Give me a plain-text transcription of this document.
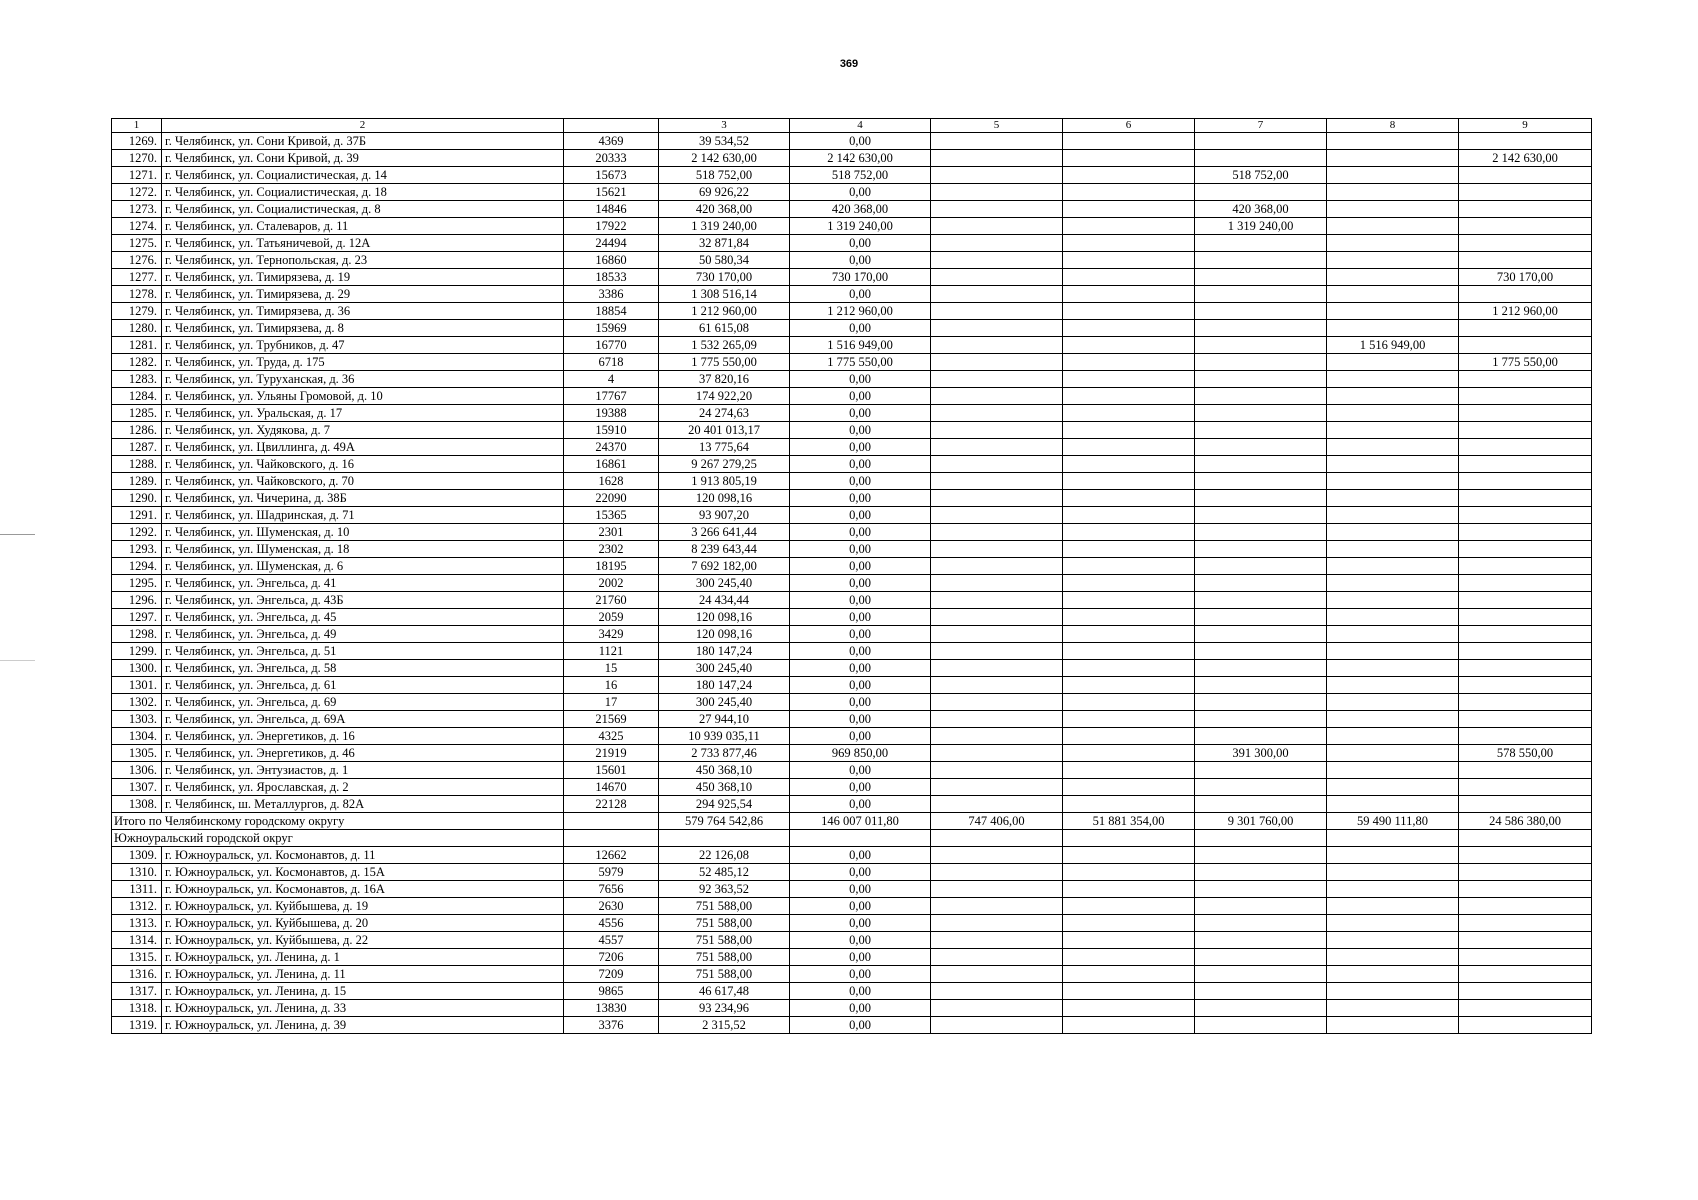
369
1	2		3	4	5	6	7	8	9
1269.	г. Челябинск, ул. Сони Кривой, д. 37Б	4369	39 534,52	0,00					
1270.	г. Челябинск, ул. Сони Кривой, д. 39	20333	2 142 630,00	2 142 630,00					2 142 630,00
1271.	г. Челябинск, ул. Социалистическая, д. 14	15673	518 752,00	518 752,00			518 752,00		
1272.	г. Челябинск, ул. Социалистическая, д. 18	15621	69 926,22	0,00					
1273.	г. Челябинск, ул. Социалистическая, д. 8	14846	420 368,00	420 368,00			420 368,00		
1274.	г. Челябинск, ул. Сталеваров, д. 11	17922	1 319 240,00	1 319 240,00			1 319 240,00		
1275.	г. Челябинск, ул. Татьяничевой, д. 12А	24494	32 871,84	0,00					
1276.	г. Челябинск, ул. Тернопольская, д. 23	16860	50 580,34	0,00					
1277.	г. Челябинск, ул. Тимирязева, д. 19	18533	730 170,00	730 170,00					730 170,00
1278.	г. Челябинск, ул. Тимирязева, д. 29	3386	1 308 516,14	0,00					
1279.	г. Челябинск, ул. Тимирязева, д. 36	18854	1 212 960,00	1 212 960,00					1 212 960,00
1280.	г. Челябинск, ул. Тимирязева, д. 8	15969	61 615,08	0,00					
1281.	г. Челябинск, ул. Трубников, д. 47	16770	1 532 265,09	1 516 949,00				1 516 949,00	
1282.	г. Челябинск, ул. Труда, д. 175	6718	1 775 550,00	1 775 550,00					1 775 550,00
1283.	г. Челябинск, ул. Туруханская, д. 36	4	37 820,16	0,00					
1284.	г. Челябинск, ул. Ульяны Громовой, д. 10	17767	174 922,20	0,00					
1285.	г. Челябинск, ул. Уральская, д. 17	19388	24 274,63	0,00					
1286.	г. Челябинск, ул. Худякова, д. 7	15910	20 401 013,17	0,00					
1287.	г. Челябинск, ул. Цвиллинга, д. 49А	24370	13 775,64	0,00					
1288.	г. Челябинск, ул. Чайковского, д. 16	16861	9 267 279,25	0,00					
1289.	г. Челябинск, ул. Чайковского, д. 70	1628	1 913 805,19	0,00					
1290.	г. Челябинск, ул. Чичерина, д. 38Б	22090	120 098,16	0,00					
1291.	г. Челябинск, ул. Шадринская, д. 71	15365	93 907,20	0,00					
1292.	г. Челябинск, ул. Шуменская, д. 10	2301	3 266 641,44	0,00					
1293.	г. Челябинск, ул. Шуменская, д. 18	2302	8 239 643,44	0,00					
1294.	г. Челябинск, ул. Шуменская, д. 6	18195	7 692 182,00	0,00					
1295.	г. Челябинск, ул. Энгельса, д. 41	2002	300 245,40	0,00					
1296.	г. Челябинск, ул. Энгельса, д. 43Б	21760	24 434,44	0,00					
1297.	г. Челябинск, ул. Энгельса, д. 45	2059	120 098,16	0,00					
1298.	г. Челябинск, ул. Энгельса, д. 49	3429	120 098,16	0,00					
1299.	г. Челябинск, ул. Энгельса, д. 51	1121	180 147,24	0,00					
1300.	г. Челябинск, ул. Энгельса, д. 58	15	300 245,40	0,00					
1301.	г. Челябинск, ул. Энгельса, д. 61	16	180 147,24	0,00					
1302.	г. Челябинск, ул. Энгельса, д. 69	17	300 245,40	0,00					
1303.	г. Челябинск, ул. Энгельса, д. 69А	21569	27 944,10	0,00					
1304.	г. Челябинск, ул. Энергетиков, д. 16	4325	10 939 035,11	0,00					
1305.	г. Челябинск, ул. Энергетиков, д. 46	21919	2 733 877,46	969 850,00			391 300,00		578 550,00
1306.	г. Челябинск, ул. Энтузиастов, д. 1	15601	450 368,10	0,00					
1307.	г. Челябинск, ул. Ярославская, д. 2	14670	450 368,10	0,00					
1308.	г. Челябинск, ш. Металлургов, д. 82А	22128	294 925,54	0,00					
Итого по Челябинскому городскому округу			579 764 542,86	146 007 011,80	747 406,00	51 881 354,00	9 301 760,00	59 490 111,80	24 586 380,00
Южноуральский городской округ									
1309.	г. Южноуральск, ул. Космонавтов, д. 11	12662	22 126,08	0,00					
1310.	г. Южноуральск, ул. Космонавтов, д. 15А	5979	52 485,12	0,00					
1311.	г. Южноуральск, ул. Космонавтов, д. 16А	7656	92 363,52	0,00					
1312.	г. Южноуральск, ул. Куйбышева, д. 19	2630	751 588,00	0,00					
1313.	г. Южноуральск, ул. Куйбышева, д. 20	4556	751 588,00	0,00					
1314.	г. Южноуральск, ул. Куйбышева, д. 22	4557	751 588,00	0,00					
1315.	г. Южноуральск, ул. Ленина, д. 1	7206	751 588,00	0,00					
1316.	г. Южноуральск, ул. Ленина, д. 11	7209	751 588,00	0,00					
1317.	г. Южноуральск, ул. Ленина, д. 15	9865	46 617,48	0,00					
1318.	г. Южноуральск, ул. Ленина, д. 33	13830	93 234,96	0,00					
1319.	г. Южноуральск, ул. Ленина, д. 39	3376	2 315,52	0,00					
